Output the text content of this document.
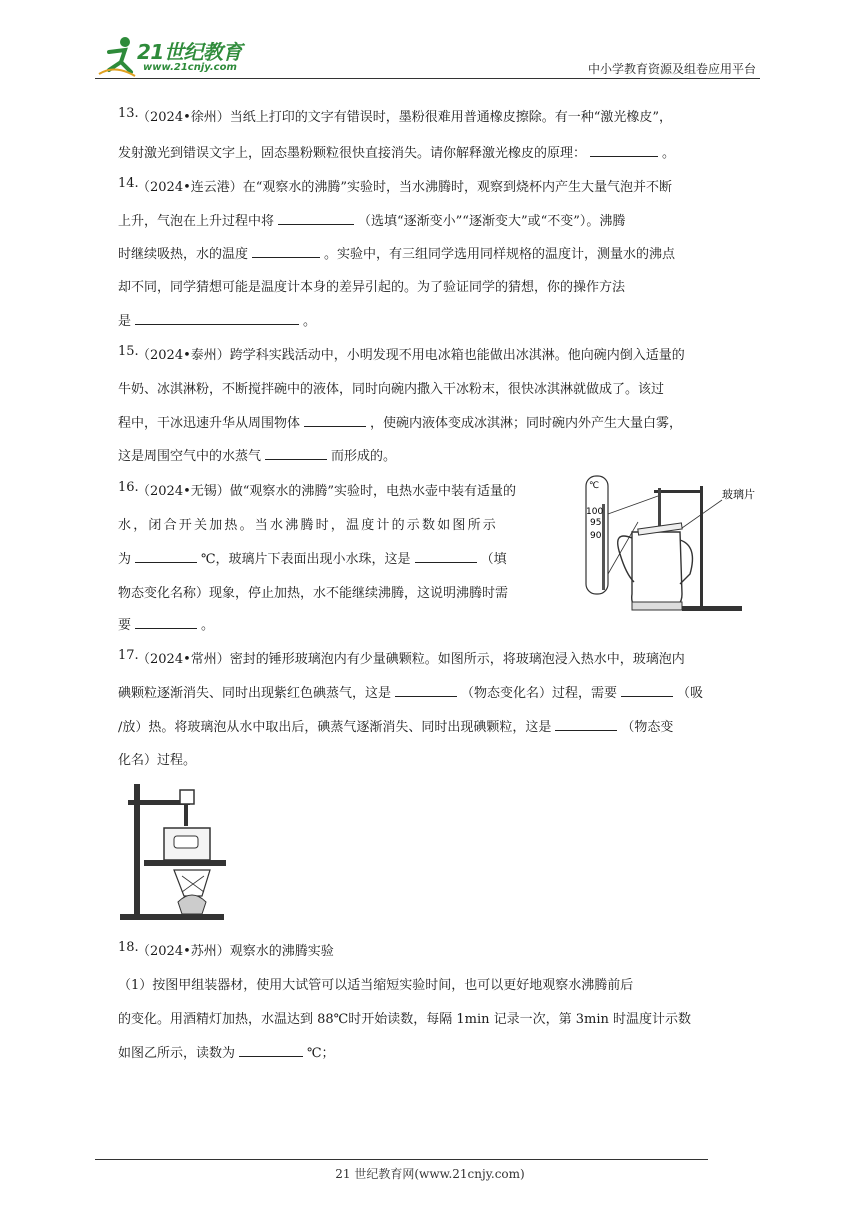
21世纪教育
www.21cnjy.com	中小学教育资源及组卷应用平台
13.
（2024•徐州）当纸上打印的文字有错误时，墨粉很难用普通橡皮擦除。有一种“激光橡皮”，
发射激光到错误文字上，固态墨粉颗粒很快直接消失。请你解释激光橡皮的原理：	。
14.
（2024•连云港）在“观察水的沸腾”实验时，当水沸腾时，观察到烧杯内产生大量气泡并不断
上升，气泡在上升过程中将	（选填“逐渐变小”“逐渐变大”或“不变”）。沸腾
时继续吸热，水的温度	。实验中，有三组同学选用同样规格的温度计，测量水的沸点
却不同，同学猜想可能是温度计本身的差异引起的。为了验证同学的猜想，你的操作方法
是	。
15.
（2024•泰州）跨学科实践活动中，小明发现不用电冰箱也能做出冰淇淋。他向碗内倒入适量的
牛奶、冰淇淋粉，不断搅拌碗中的液体，同时向碗内撒入干冰粉末，很快冰淇淋就做成了。该过
程中，干冰迅速升华从周围物体	，使碗内液体变成冰淇淋；同时碗内外产生大量白雾，
这是周围空气中的水蒸气	而形成的。
16.
（2024•无锡）做“观察水的沸腾”实验时，电热水壶中装有适量的
水，闭合开关加热。当水沸腾时，温度计的示数如图所示
为	℃，玻璃片下表面出现小水珠，这是	（填
物态变化名称）现象，停止加热，水不能继续沸腾，这说明沸腾时需
要	。
℃
100
95
90
玻璃片
17.
（2024•常州）密封的锤形玻璃泡内有少量碘颗粒。如图所示，将玻璃泡浸入热水中，玻璃泡内
碘颗粒逐渐消失、同时出现紫红色碘蒸气，这是	（物态变化名）过程，需要	（吸
/放）热。将玻璃泡从水中取出后，碘蒸气逐渐消失、同时出现碘颗粒，这是	（物态变
化名）过程。
18.
（2024•苏州）观察水的沸腾实验
（1）按图甲组装器材，使用大试管可以适当缩短实验时间，也可以更好地观察水沸腾前后
的变化。用酒精灯加热，水温达到 88℃时开始读数，每隔 1min 记录一次，第 3min 时温度计示数
如图乙所示，读数为	℃；
21 世纪教育网(www.21cnjy.com)
